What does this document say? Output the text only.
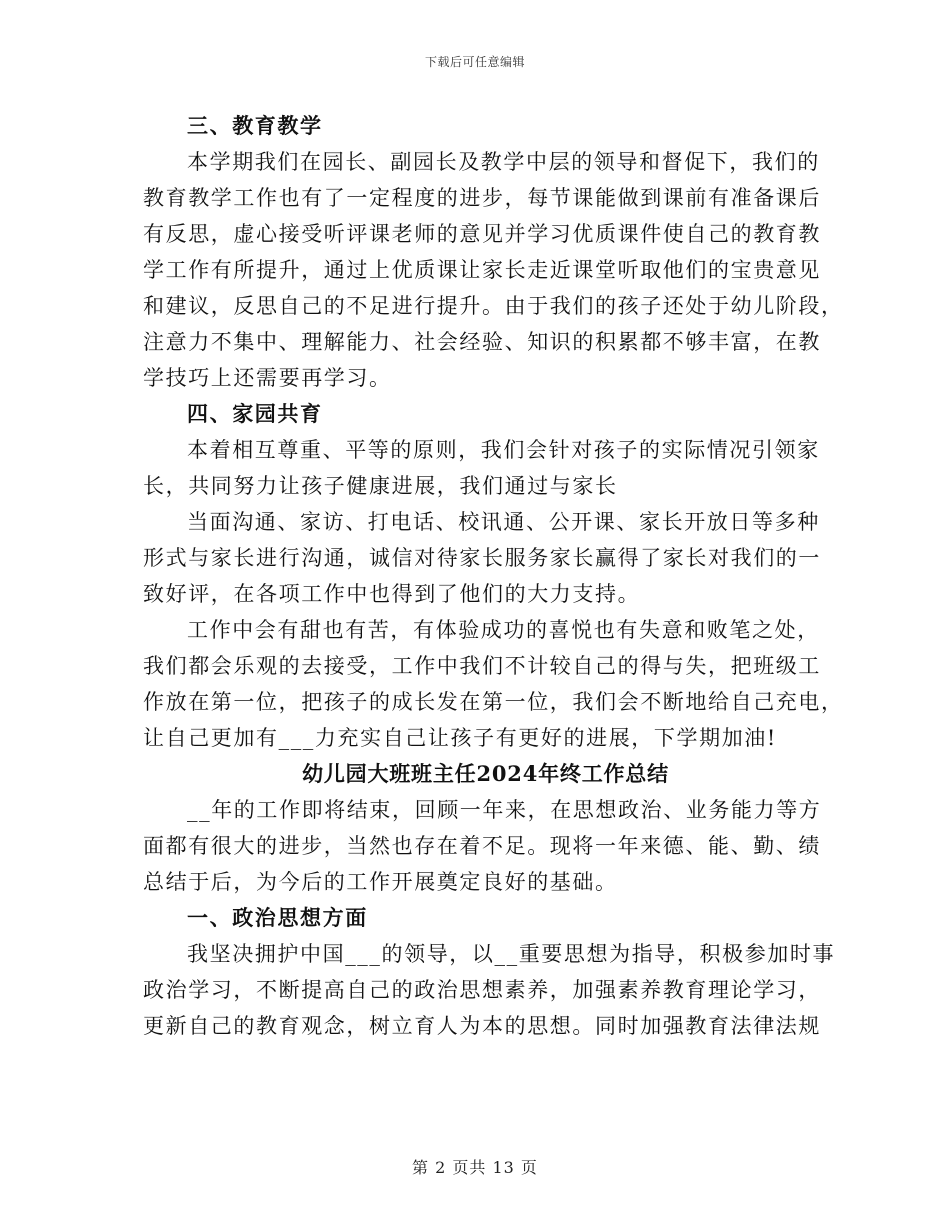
下载后可任意编辑
三、教育教学
本学期我们在园长、副园长及教学中层的领导和督促下，我们的
教育教学工作也有了一定程度的进步，每节课能做到课前有准备课后
有反思，虚心接受听评课老师的意见并学习优质课件使自己的教育教
学工作有所提升，通过上优质课让家长走近课堂听取他们的宝贵意见
和建议，反思自己的不足进行提升。由于我们的孩子还处于幼儿阶段，
注意力不集中、理解能力、社会经验、知识的积累都不够丰富，在教
学技巧上还需要再学习。
四、家园共育
本着相互尊重、平等的原则，我们会针对孩子的实际情况引领家
长，共同努力让孩子健康进展，我们通过与家长
当面沟通、家访、打电话、校讯通、公开课、家长开放日等多种
形式与家长进行沟通，诚信对待家长服务家长赢得了家长对我们的一
致好评，在各项工作中也得到了他们的大力支持。
工作中会有甜也有苦，有体验成功的喜悦也有失意和败笔之处，
我们都会乐观的去接受，工作中我们不计较自己的得与失，把班级工
作放在第一位，把孩子的成长发在第一位，我们会不断地给自己充电，
让自己更加有___力充实自己让孩子有更好的进展，下学期加油!
幼儿园大班班主任2024年终工作总结
__年的工作即将结束，回顾一年来，在思想政治、业务能力等方
面都有很大的进步，当然也存在着不足。现将一年来德、能、勤、绩
总结于后，为今后的工作开展奠定良好的基础。
一、政治思想方面
我坚决拥护中国___的领导，以__重要思想为指导，积极参加时事
政治学习，不断提高自己的政治思想素养，加强素养教育理论学习，
更新自己的教育观念，树立育人为本的思想。同时加强教育法律法规
第 2 页共 13 页
